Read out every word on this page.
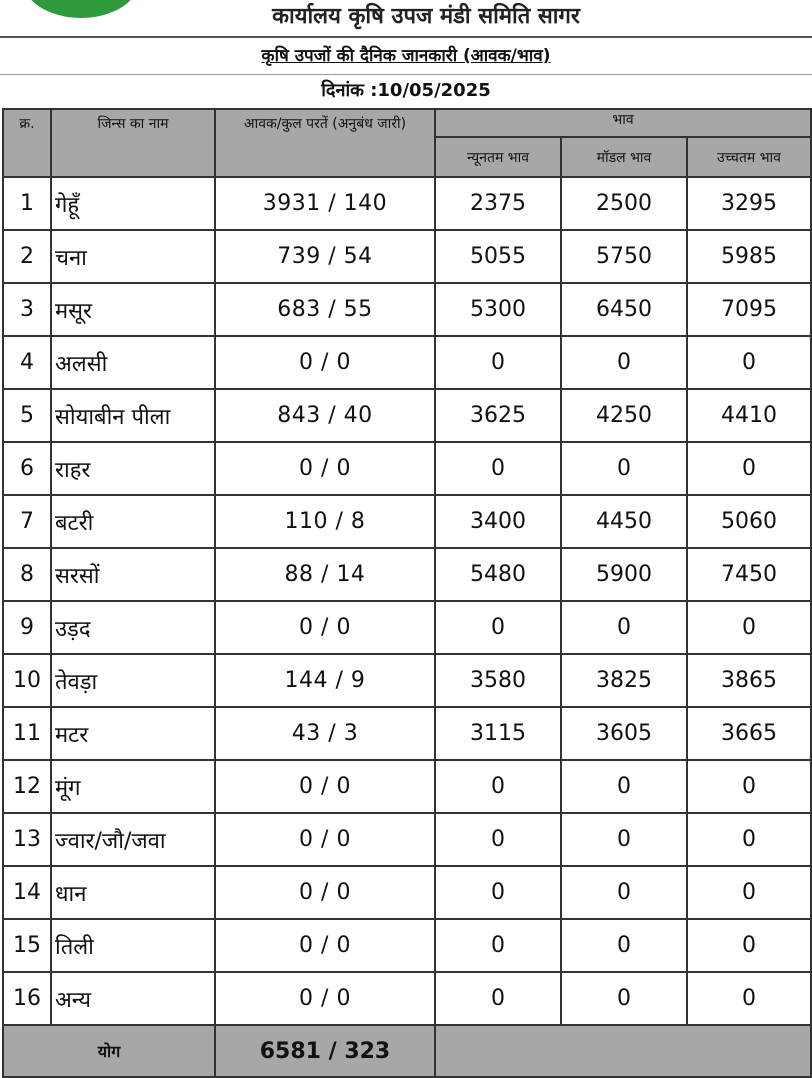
कार्यालय कृषि उपज मंडी समिति सागर
कृषि उपजों की दैनिक जानकारी (आवक/भाव)
दिनांक :10/05/2025
क्र.	जिन्स का नाम	आवक/कुल परतें (अनुबंध जारी)	भाव		
			न्यूनतम भाव	मॉडल भाव	उच्चतम भाव
1	गेहूँ	3931 / 140	2375	2500	3295
2	चना	739 / 54	5055	5750	5985
3	मसूर	683 / 55	5300	6450	7095
4	अलसी	0 / 0	0	0	0
5	सोयाबीन पीला	843 / 40	3625	4250	4410
6	राहर	0 / 0	0	0	0
7	बटरी	110 / 8	3400	4450	5060
8	सरसों	88 / 14	5480	5900	7450
9	उड़द	0 / 0	0	0	0
10	तेवड़ा	144 / 9	3580	3825	3865
11	मटर	43 / 3	3115	3605	3665
12	मूंग	0 / 0	0	0	0
13	ज्वार/जौ/जवा	0 / 0	0	0	0
14	धान	0 / 0	0	0	0
15	तिली	0 / 0	0	0	0
16	अन्य	0 / 0	0	0	0
योग		6581 / 323			
